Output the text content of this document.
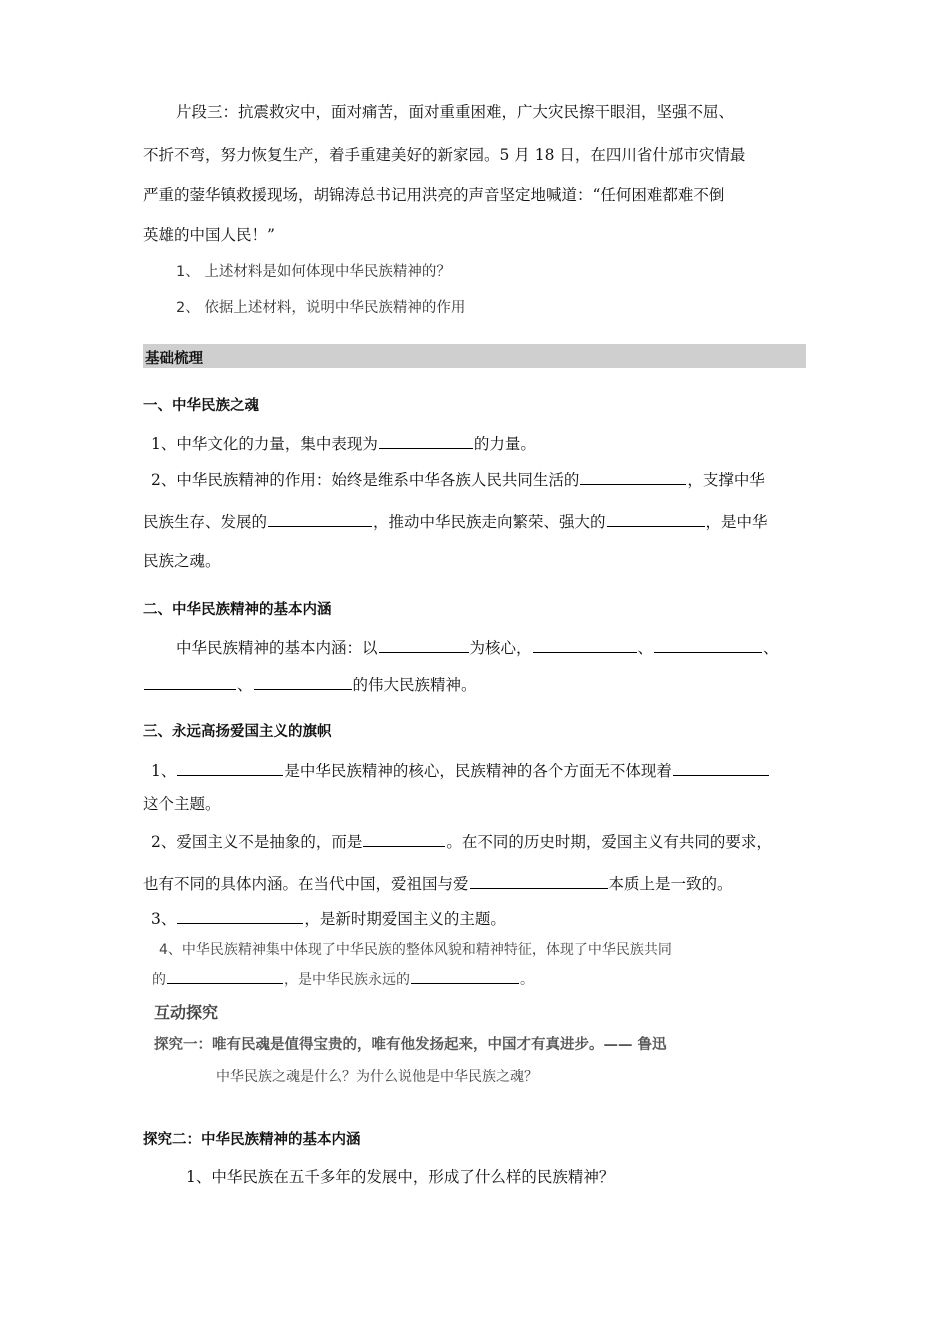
片段三：抗震救灾中，面对痛苦，面对重重困难，广大灾民擦干眼泪，坚强不屈、
不折不弯，努力恢复生产，着手重建美好的新家园。5 月 18 日，在四川省什邡市灾情最
严重的蓥华镇救援现场，胡锦涛总书记用洪亮的声音坚定地喊道：“任何困难都难不倒
英雄的中国人民！”
1、 上述材料是如何体现中华民族精神的？
2、 依据上述材料，说明中华民族精神的作用
基础梳理
一、中华民族之魂
1、中华文化的力量，集中表现为	的力量。
2、中华民族精神的作用：始终是维系中华各族人民共同生活的	，支撑中华
民族生存、发展的	，推动中华民族走向繁荣、强大的	，是中华
民族之魂。
二、中华民族精神的基本内涵
中华民族精神的基本内涵：以	为核心，	、	、
、	的伟大民族精神。
三、永远高扬爱国主义的旗帜
1、	是中华民族精神的核心，民族精神的各个方面无不体现着
这个主题。
2、爱国主义不是抽象的，而是	。在不同的历史时期，爱国主义有共同的要求，
也有不同的具体内涵。在当代中国，爱祖国与爱	本质上是一致的。
3、	，是新时期爱国主义的主题。
4、中华民族精神集中体现了中华民族的整体风貌和精神特征，体现了中华民族共同
的	，是中华民族永远的	。
互动探究
探究一：唯有民魂是值得宝贵的，唯有他发扬起来，中国才有真进步。—— 鲁迅
中华民族之魂是什么？为什么说他是中华民族之魂？
探究二：中华民族精神的基本内涵
1、中华民族在五千多年的发展中，形成了什么样的民族精神？
